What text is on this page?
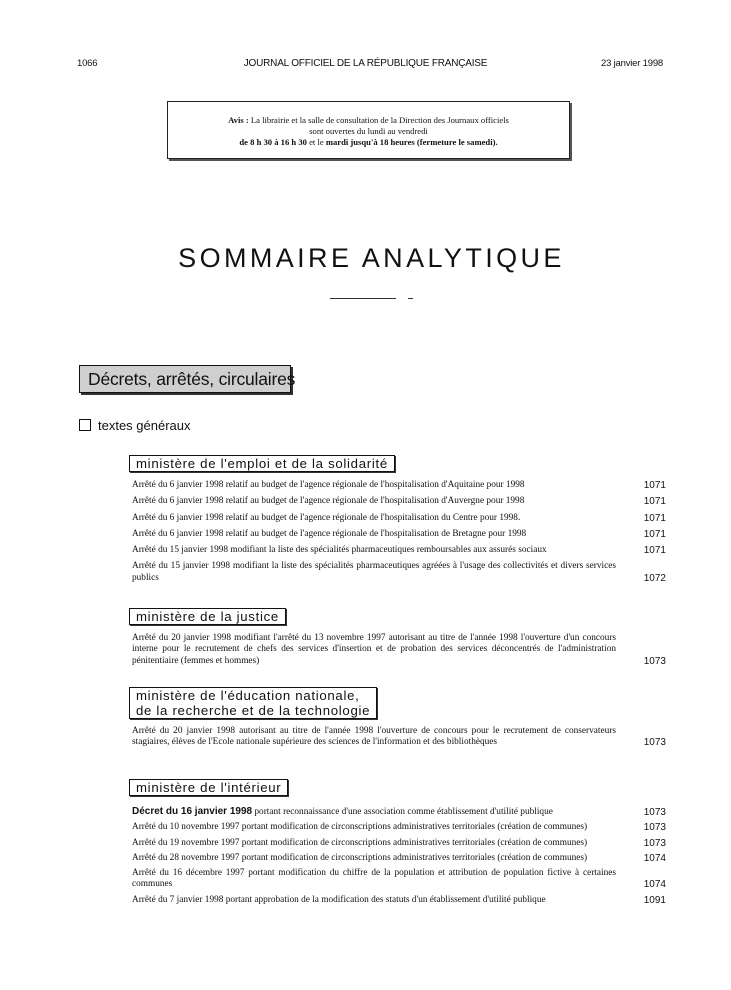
1066	JOURNAL OFFICIEL DE LA RÉPUBLIQUE FRANÇAISE	23 janvier 1998
Avis : La librairie et la salle de consultation de la Direction des Journaux officiels
sont ouvertes du lundi au vendredi
de 8 h 30 à 16 h 30 et le mardi jusqu'à 18 heures (fermeture le samedi).
SOMMAIRE ANALYTIQUE
Décrets, arrêtés, circulaires
textes généraux
ministère de l'emploi et de la solidarité
Arrêté du 6 janvier 1998 relatif au budget de l'agence régionale de l'hospitalisation d'Aquitaine pour 1998	1071
Arrêté du 6 janvier 1998 relatif au budget de l'agence régionale de l'hospitalisation d'Auvergne pour 1998	1071
Arrêté du 6 janvier 1998 relatif au budget de l'agence régionale de l'hospitalisation du Centre pour 1998.	1071
Arrêté du 6 janvier 1998 relatif au budget de l'agence régionale de l'hospitalisation de Bretagne pour 1998	1071
Arrêté du 15 janvier 1998 modifiant la liste des spécialités pharmaceutiques remboursables aux assurés sociaux	1071
Arrêté du 15 janvier 1998 modifiant la liste des spécialités pharmaceutiques agréées à l'usage des collectivités et divers services publics	1072
ministère de la justice
Arrêté du 20 janvier 1998 modifiant l'arrêté du 13 novembre 1997 autorisant au titre de l'année 1998 l'ouverture d'un concours interne pour le recrutement de chefs des services d'insertion et de probation des services déconcentrés de l'administration pénitentiaire (femmes et hommes)	1073
ministère de l'éducation nationale,
de la recherche et de la technologie
Arrêté du 20 janvier 1998 autorisant au titre de l'année 1998 l'ouverture de concours pour le recrutement de conservateurs stagiaires, élèves de l'Ecole nationale supérieure des sciences de l'information et des bibliothèques	1073
ministère de l'intérieur
Décret du 16 janvier 1998 portant reconnaissance d'une association comme établissement d'utilité publique	1073
Arrêté du 10 novembre 1997 portant modification de circonscriptions administratives territoriales (création de communes)	1073
Arrêté du 19 novembre 1997 portant modification de circonscriptions administratives territoriales (création de communes)	1073
Arrêté du 28 novembre 1997 portant modification de circonscriptions administratives territoriales (création de communes)	1074
Arrêté du 16 décembre 1997 portant modification du chiffre de la population et attribution de population fictive à certaines communes	1074
Arrêté du 7 janvier 1998 portant approbation de la modification des statuts d'un établissement d'utilité publique	1091
